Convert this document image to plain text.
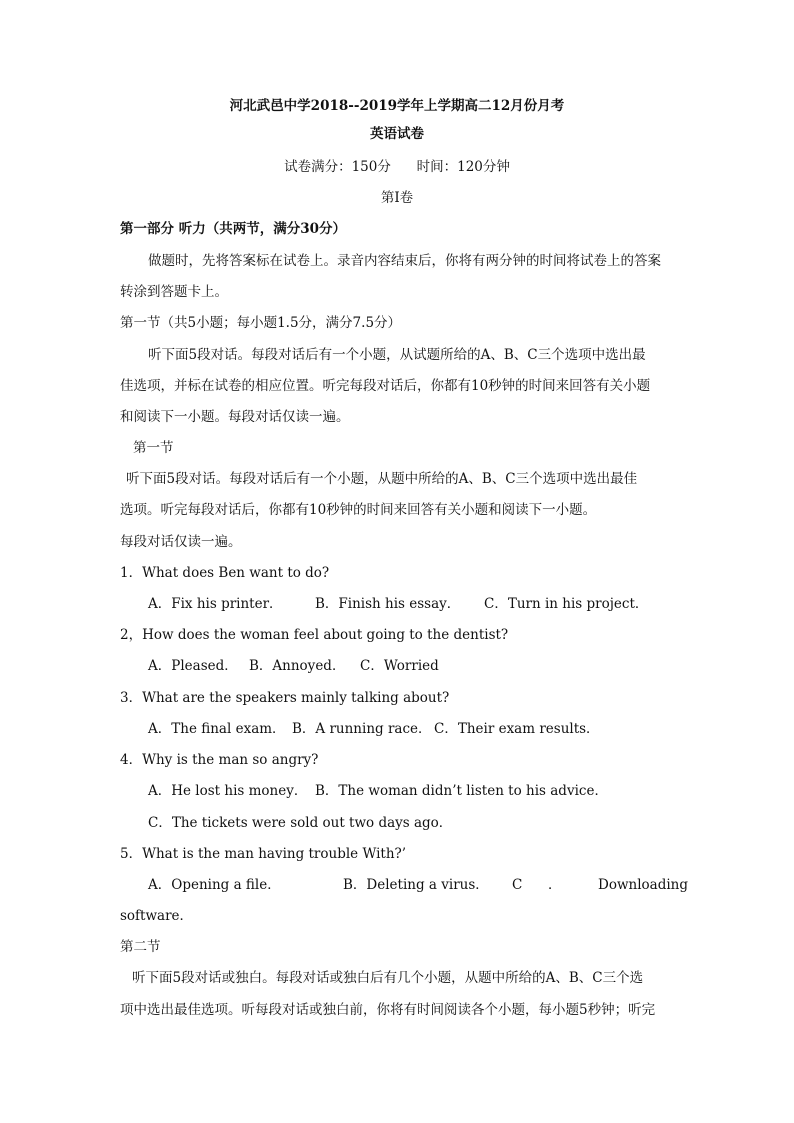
河北武邑中学2018--2019学年上学期高二12月份月考
英语试卷
试卷满分：150分      时间：120分钟
第I卷
第一部分 听力（共两节，满分30分）
做题时，先将答案标在试卷上。录音内容结束后，你将有两分钟的时间将试卷上的答案
转涂到答题卡上。
第一节（共5小题；每小题1.5分，满分7.5分）
听下面5段对话。每段对话后有一个小题，从试题所给的A、B、C三个选项中选出最
佳选项，并标在试卷的相应位置。听完每段对话后，你都有10秒钟的时间来回答有关小题
和阅读下一小题。每段对话仅读一遍。
第一节
听下面5段对话。每段对话后有一个小题，从题中所给的A、B、C三个选项中选出最佳
选项。听完每段对话后，你都有10秒钟的时间来回答有关小题和阅读下一小题。
每段对话仅读一遍。
1．What does Ben want to do?
A．Fix his printer． B．Finish his essay． C．Turn in his project．
2，How does the woman feel about going to the dentist?
A．Pleased． B．Annoyed． C．Worried
3．What are the speakers mainly talking about?
A．The final exam． B．A running race． C．Their exam results．
4．Why is the man so angry?
A．He lost his money． B．The woman didn’t listen to his advice．
C．The tickets were sold out two days ago．
5．What is the man having trouble With?’
A．Opening a file．	B．Deleting a virus． C ．	Downloading
software．
第二节
听下面5段对话或独白。每段对话或独白后有几个小题，从题中所给的A、B、C三个选
项中选出最佳选项。听每段对话或独白前，你将有时间阅读各个小题，每小题5秒钟；听完
